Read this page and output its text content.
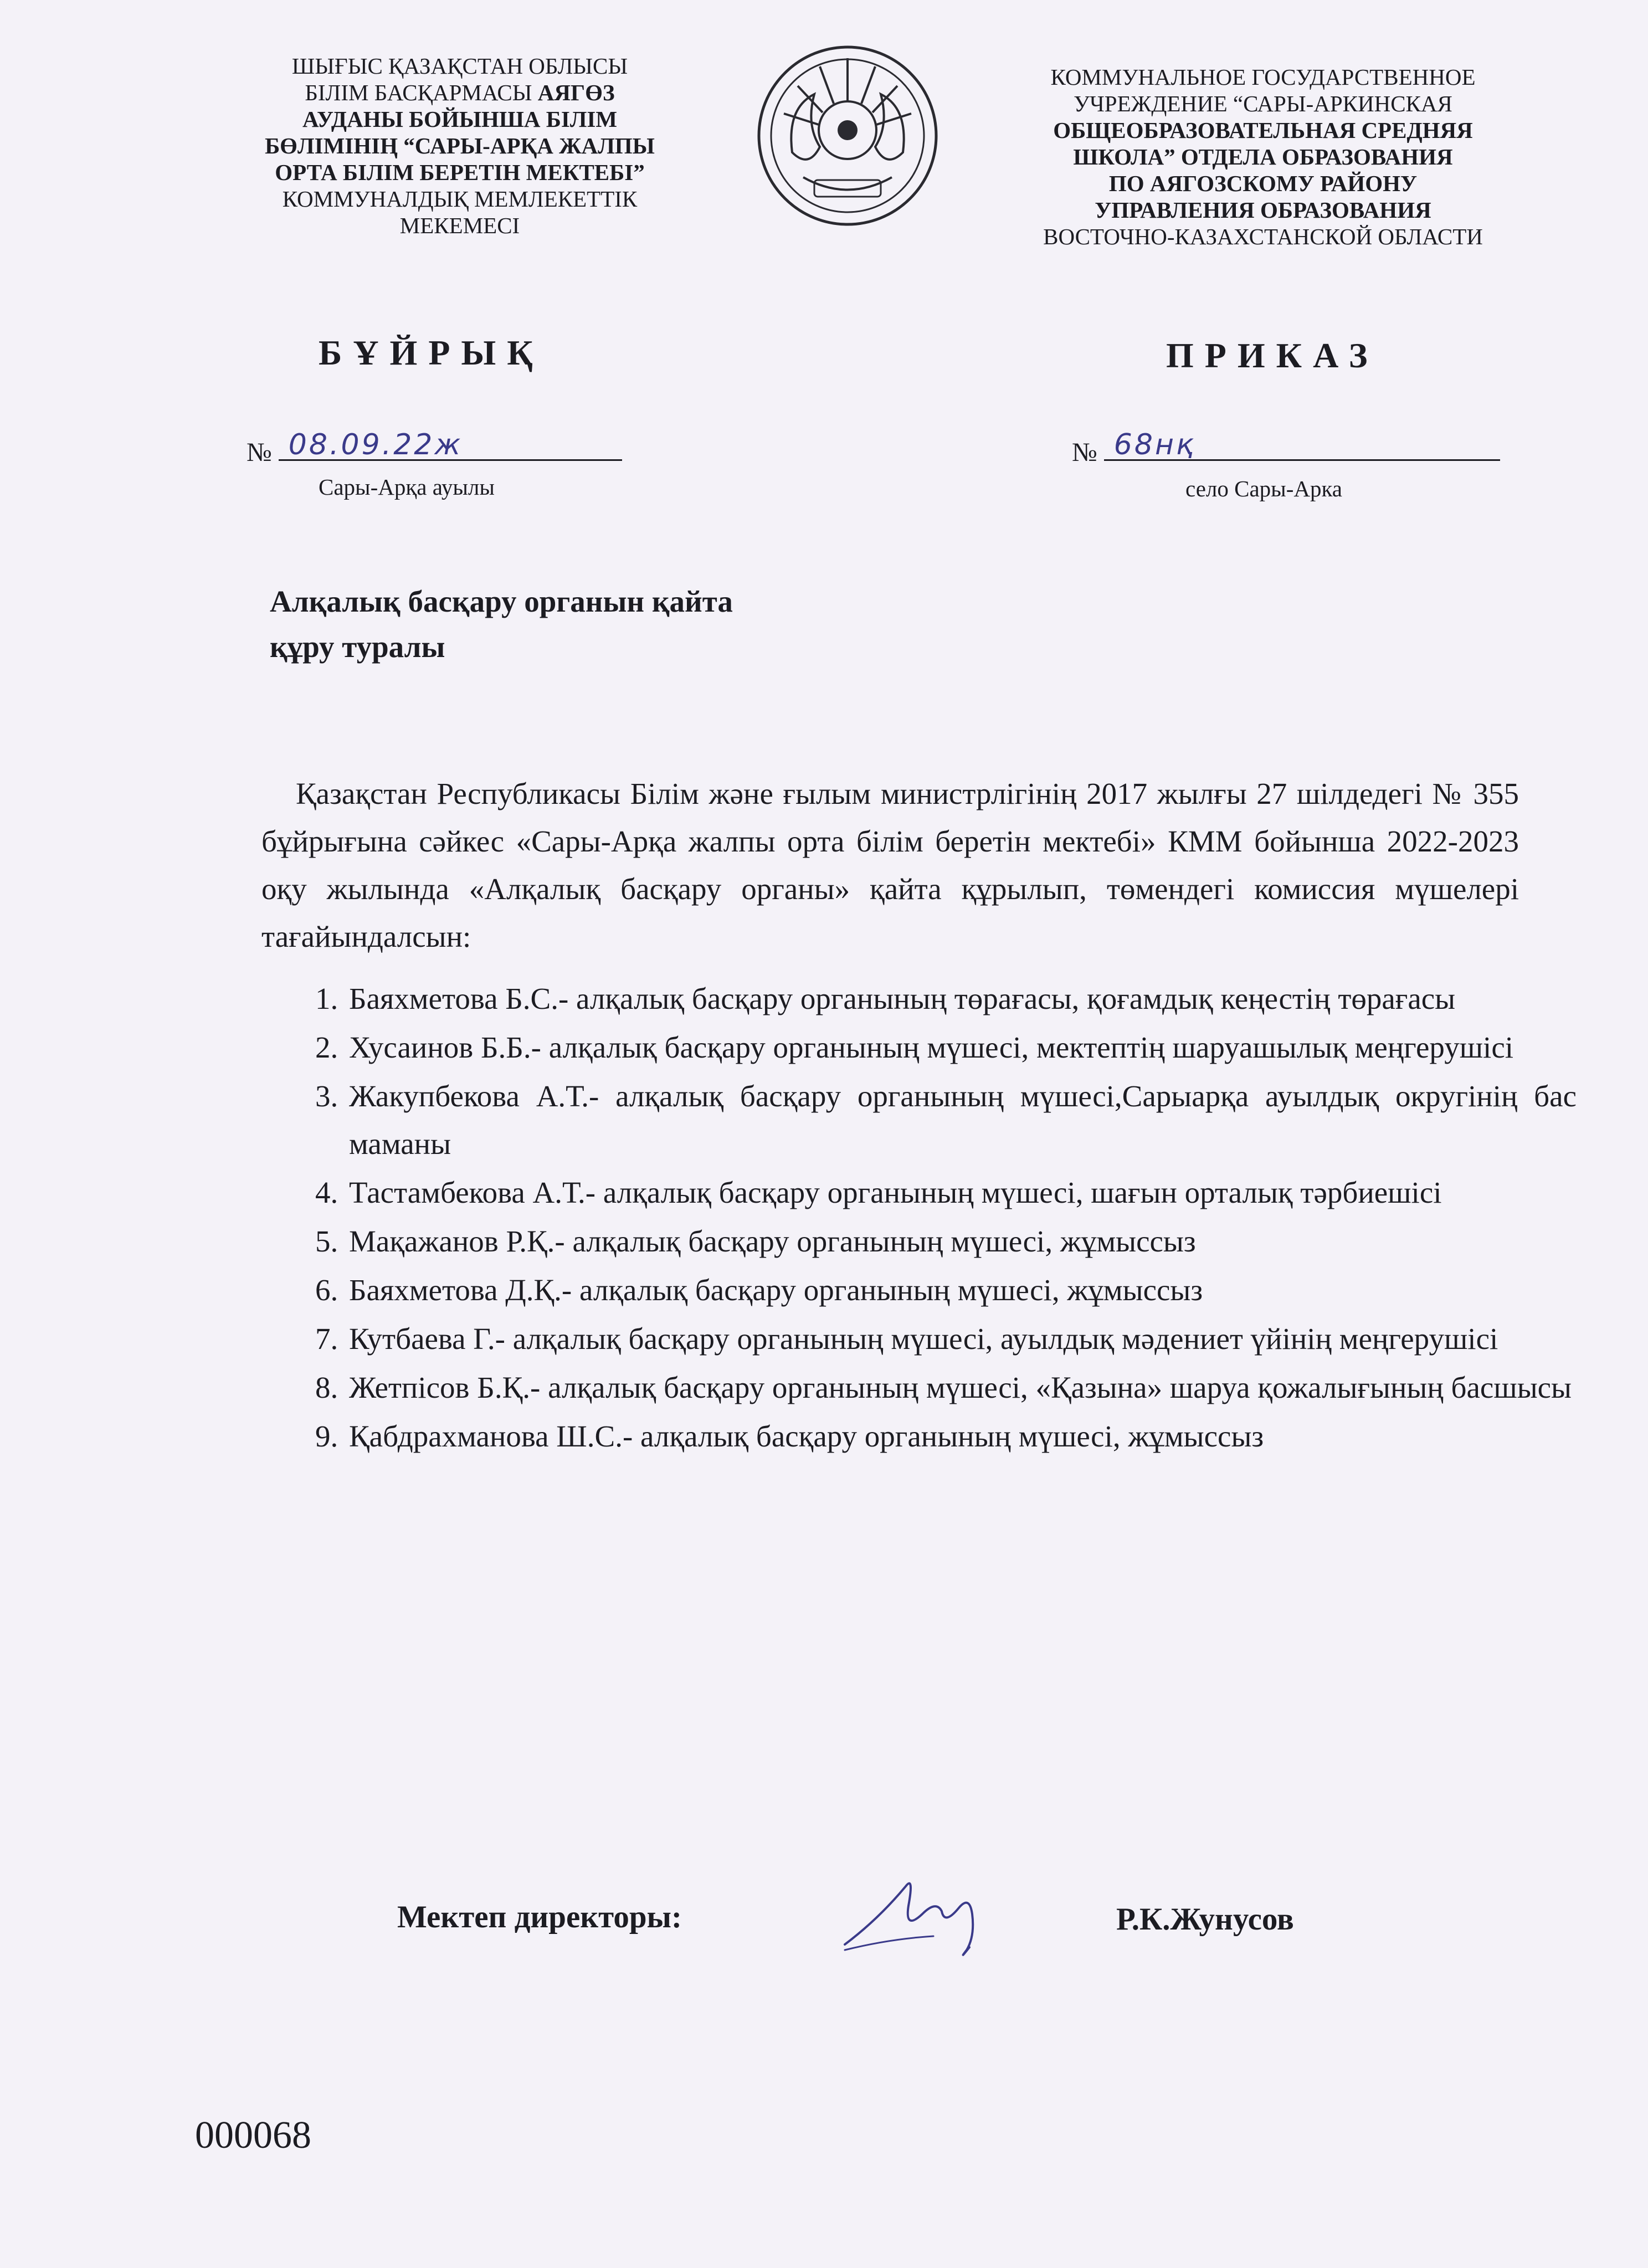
ШЫҒЫС ҚАЗАҚСТАН ОБЛЫСЫ
БІЛІМ БАСҚАРМАСЫ АЯГӨЗ
АУДАНЫ БОЙЫНША БІЛІМ
БӨЛІМІНІҢ “САРЫ-АРҚА ЖАЛПЫ
ОРТА БІЛІМ БЕРЕТІН МЕКТЕБІ”
КОММУНАЛДЫҚ МЕМЛЕКЕТТІК
МЕКЕМЕСІ
КОММУНАЛЬНОЕ ГОСУДАРСТВЕННОЕ
УЧРЕЖДЕНИЕ “САРЫ-АРКИНСКАЯ
ОБЩЕОБРАЗОВАТЕЛЬНАЯ СРЕДНЯЯ
ШКОЛА” ОТДЕЛА ОБРАЗОВАНИЯ
ПО АЯГОЗСКОМУ РАЙОНУ
УПРАВЛЕНИЯ ОБРАЗОВАНИЯ
ВОСТОЧНО-КАЗАХСТАНСКОЙ ОБЛАСТИ
БҰЙРЫҚ	ПРИКАЗ
№ 08.09.22ж	№ 68нқ
Сары-Арқа ауылы	село Сары-Арка
Алқалық басқару органын қайта
құру туралы

Қазақстан Республикасы Білім және ғылым министрлігінің 2017 жылғы 27 шілдедегі № 355 бұйрығына сәйкес «Сары-Арқа жалпы орта білім беретін мектебі» КММ бойынша 2022-2023 оқу жылында «Алқалық басқару органы» қайта құрылып, төмендегі комиссия мүшелері тағайындалсын:

1. Баяхметова Б.С.- алқалық басқару органының төрағасы, қоғамдық кеңестің төрағасы
2. Хусаинов Б.Б.- алқалық басқару органының мүшесі, мектептің шаруашылық меңгерушісі
3. Жакупбекова А.Т.- алқалық басқару органының мүшесі,Сарыарқа ауылдық округінің бас маманы
4. Тастамбекова А.Т.- алқалық басқару органының мүшесі, шағын орталық тәрбиешісі
5. Мақажанов Р.Қ.- алқалық басқару органының мүшесі, жұмыссыз
6. Баяхметова Д.Қ.- алқалық басқару органының мүшесі, жұмыссыз
7. Кутбаева Г.- алқалық басқару органының мүшесі, ауылдық мәдениет үйінің меңгерушісі
8. Жетпісов Б.Қ.- алқалық басқару органының мүшесі, «Қазына» шаруа қожалығының басшысы
9. Қабдрахманова Ш.С.- алқалық басқару органының мүшесі, жұмыссыз
Мектеп директоры:	Р.К.Жунусов
000068
